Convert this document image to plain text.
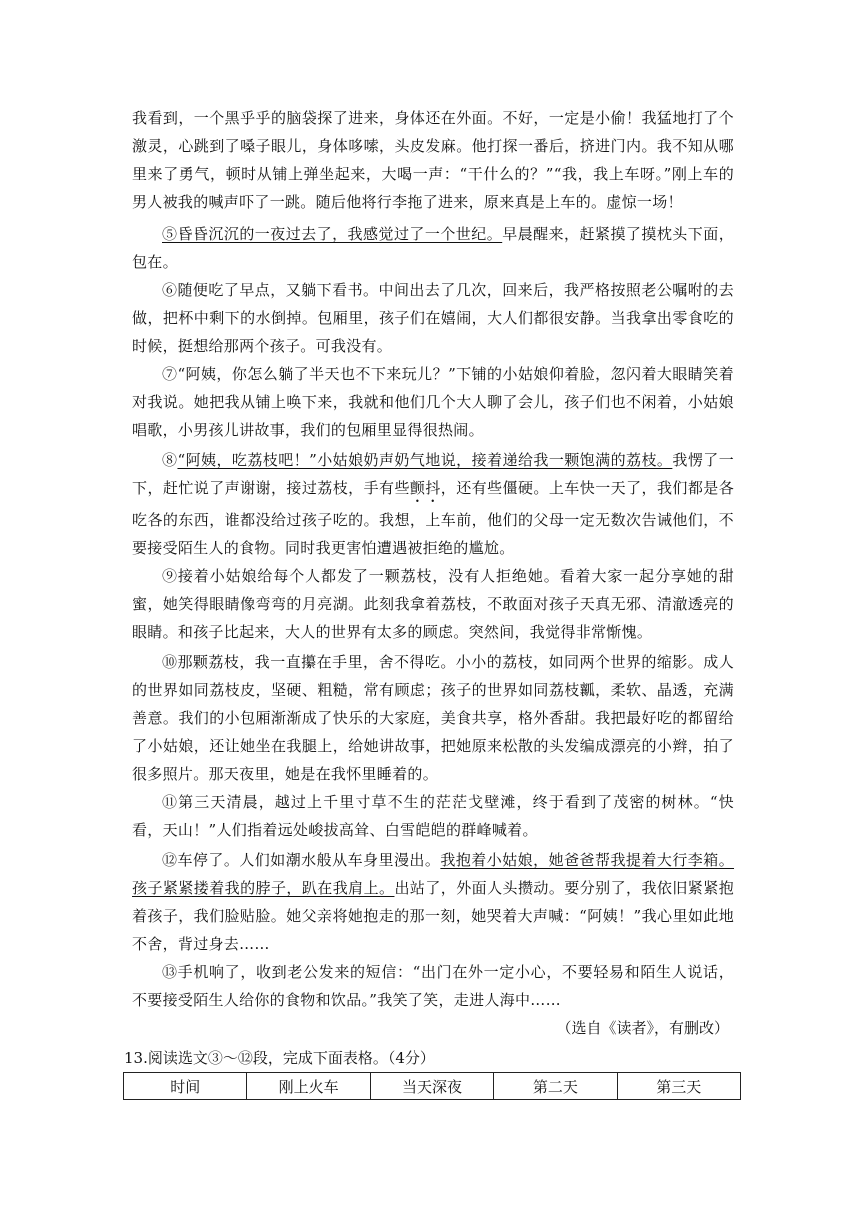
我看到，一个黑乎乎的脑袋探了进来，身体还在外面。不好，一定是小偷！我猛地打了个激灵，心跳到了嗓子眼儿，身体哆嗦，头皮发麻。他打探一番后，挤进门内。我不知从哪里来了勇气，顿时从铺上弹坐起来，大喝一声：“干什么的？”“我，我上车呀。”刚上车的男人被我的喊声吓了一跳。随后他将行李拖了进来，原来真是上车的。虚惊一场！

⑤昏昏沉沉的一夜过去了，我感觉过了一个世纪。早晨醒来，赶紧摸了摸枕头下面，包在。

⑥随便吃了早点，又躺下看书。中间出去了几次，回来后，我严格按照老公嘱咐的去做，把杯中剩下的水倒掉。包厢里，孩子们在嬉闹，大人们都很安静。当我拿出零食吃的时候，挺想给那两个孩子。可我没有。

⑦“阿姨，你怎么躺了半天也不下来玩儿？”下铺的小姑娘仰着脸，忽闪着大眼睛笑着对我说。她把我从铺上唤下来，我就和他们几个大人聊了会儿，孩子们也不闲着，小姑娘唱歌，小男孩儿讲故事，我们的包厢里显得很热闹。

⑧“阿姨，吃荔枝吧！”小姑娘奶声奶气地说，接着递给我一颗饱满的荔枝。我愣了一下，赶忙说了声谢谢，接过荔枝，手有些颤抖，还有些僵硬。上车快一天了，我们都是各吃各的东西，谁都没给过孩子吃的。我想，上车前，他们的父母一定无数次告诫他们，不要接受陌生人的食物。同时我更害怕遭遇被拒绝的尴尬。

⑨接着小姑娘给每个人都发了一颗荔枝，没有人拒绝她。看着大家一起分享她的甜蜜，她笑得眼睛像弯弯的月亮湖。此刻我拿着荔枝，不敢面对孩子天真无邪、清澈透亮的眼睛。和孩子比起来，大人的世界有太多的顾虑。突然间，我觉得非常惭愧。

⑩那颗荔枝，我一直攥在手里，舍不得吃。小小的荔枝，如同两个世界的缩影。成人的世界如同荔枝皮，坚硬、粗糙，常有顾虑；孩子的世界如同荔枝瓤，柔软、晶透，充满善意。我们的小包厢渐渐成了快乐的大家庭，美食共享，格外香甜。我把最好吃的都留给了小姑娘，还让她坐在我腿上，给她讲故事，把她原来松散的头发编成漂亮的小辫，拍了很多照片。那天夜里，她是在我怀里睡着的。

⑪第三天清晨，越过上千里寸草不生的茫茫戈壁滩，终于看到了茂密的树林。“快看，天山！”人们指着远处峻拔高耸、白雪皑皑的群峰喊着。

⑫车停了。人们如潮水般从车身里漫出。我抱着小姑娘，她爸爸帮我提着大行李箱。孩子紧紧搂着我的脖子，趴在我肩上。出站了，外面人头攒动。要分别了，我依旧紧紧抱着孩子，我们脸贴脸。她父亲将她抱走的那一刻，她哭着大声喊：“阿姨！”我心里如此地不舍，背过身去……

⑬手机响了，收到老公发来的短信：“出门在外一定小心，不要轻易和陌生人说话，不要接受陌生人给你的食物和饮品。”我笑了笑，走进人海中……

（选自《读者》，有删改）
13.阅读选文③～⑫段，完成下面表格。（4分）
时间	刚上火车	当天深夜	第二天	第三天
